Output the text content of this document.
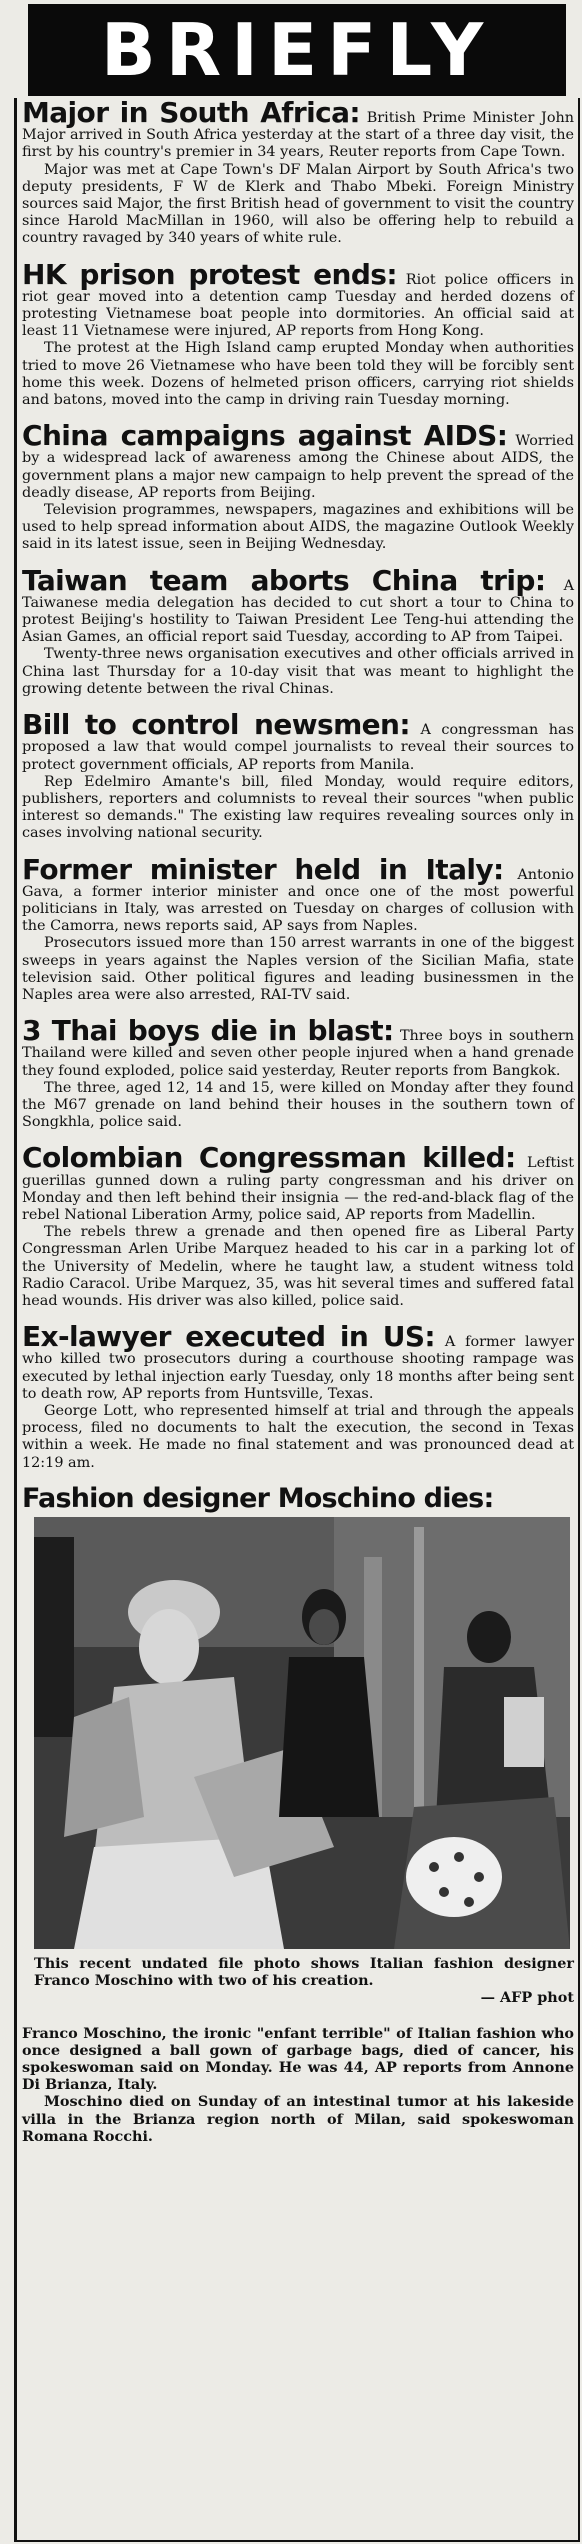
BRIEFLY

Major in South Africa: British Prime Minister John Major arrived in South Africa yesterday at the start of a three day visit, the first by his country's premier in 34 years, Reuter reports from Cape Town.

Major was met at Cape Town's DF Malan Airport by South Africa's two deputy presidents, F W de Klerk and Thabo Mbeki. Foreign Ministry sources said Major, the first British head of government to visit the country since Harold MacMillan in 1960, will also be offering help to rebuild a country ravaged by 340 years of white rule.

HK prison protest ends: Riot police officers in riot gear moved into a detention camp Tuesday and herded dozens of protesting Vietnamese boat people into dormitories. An official said at least 11 Vietnamese were injured, AP reports from Hong Kong.

The protest at the High Island camp erupted Monday when authorities tried to move 26 Vietnamese who have been told they will be forcibly sent home this week. Dozens of helmeted prison officers, carrying riot shields and batons, moved into the camp in driving rain Tuesday morning.

China campaigns against AIDS: Worried by a widespread lack of awareness among the Chinese about AIDS, the government plans a major new campaign to help prevent the spread of the deadly disease, AP reports from Beijing.

Television programmes, newspapers, magazines and exhibitions will be used to help spread information about AIDS, the magazine Outlook Weekly said in its latest issue, seen in Beijing Wednesday.

Taiwan team aborts China trip: A Taiwanese media delegation has decided to cut short a tour to China to protest Beijing's hostility to Taiwan President Lee Teng-hui attending the Asian Games, an official report said Tuesday, according to AP from Taipei.

Twenty-three news organisation executives and other officials arrived in China last Thursday for a 10-day visit that was meant to highlight the growing detente between the rival Chinas.

Bill to control newsmen: A congressman has proposed a law that would compel journalists to reveal their sources to protect government officials, AP reports from Manila.

Rep Edelmiro Amante's bill, filed Monday, would require editors, publishers, reporters and columnists to reveal their sources "when public interest so demands." The existing law requires revealing sources only in cases involving national security.

Former minister held in Italy: Antonio Gava, a former interior minister and once one of the most powerful politicians in Italy, was arrested on Tuesday on charges of collusion with the Camorra, news reports said, AP says from Naples.

Prosecutors issued more than 150 arrest warrants in one of the biggest sweeps in years against the Naples version of the Sicilian Mafia, state television said. Other political figures and leading businessmen in the Naples area were also arrested, RAI-TV said.

3 Thai boys die in blast: Three boys in southern Thailand were killed and seven other people injured when a hand grenade they found exploded, police said yesterday, Reuter reports from Bangkok.

The three, aged 12, 14 and 15, were killed on Monday after they found the M67 grenade on land behind their houses in the southern town of Songkhla, police said.

Colombian Congressman killed: Leftist guerillas gunned down a ruling party congressman and his driver on Monday and then left behind their insignia — the red-and-black flag of the rebel National Liberation Army, police said, AP reports from Madellin.

The rebels threw a grenade and then opened fire as Liberal Party Congressman Arlen Uribe Marquez headed to his car in a parking lot of the University of Medelin, where he taught law, a student witness told Radio Caracol. Uribe Marquez, 35, was hit several times and suffered fatal head wounds. His driver was also killed, police said.

Ex-lawyer executed in US: A former lawyer who killed two prosecutors during a courthouse shooting rampage was executed by lethal injection early Tuesday, only 18 months after being sent to death row, AP reports from Huntsville, Texas.

George Lott, who represented himself at trial and through the appeals process, filed no documents to halt the execution, the second in Texas within a week. He made no final statement and was pronounced dead at 12:19 am.

Fashion designer Moschino dies:
This recent undated file photo shows Italian fashion designer Franco Moschino with two of his creation.
— AFP phot

Franco Moschino, the ironic "enfant terrible" of Italian fashion who once designed a ball gown of garbage bags, died of cancer, his spokeswoman said on Monday. He was 44, AP reports from Annone Di Brianza, Italy.

Moschino died on Sunday of an intestinal tumor at his lakeside villa in the Brianza region north of Milan, said spokeswoman Romana Rocchi.
